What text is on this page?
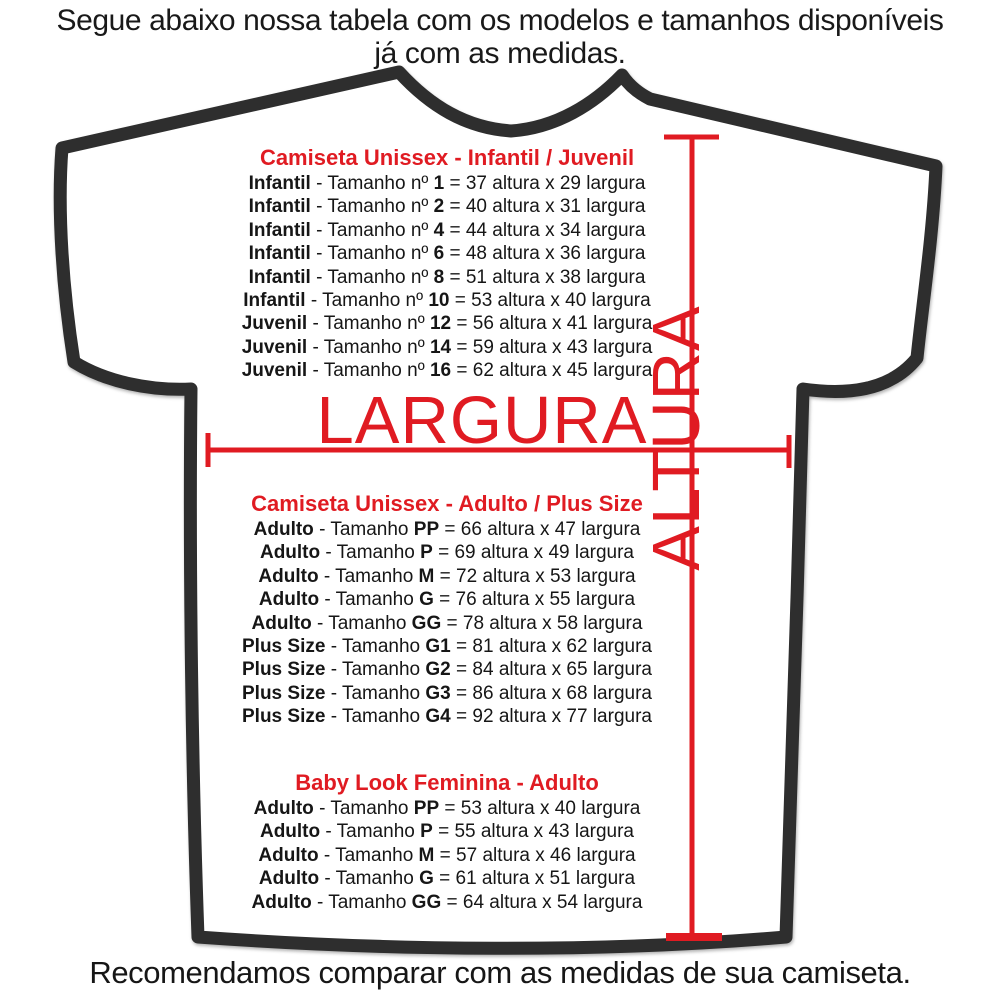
Segue abaixo nossa tabela com os modelos e tamanhos disponíveis
já com as medidas.
LARGURA
ALTURA
Camiseta Unissex - Infantil / Juvenil
Infantil - Tamanho nº 1 = 37 altura x 29 largura
Infantil - Tamanho nº 2 = 40 altura x 31 largura
Infantil - Tamanho nº 4 = 44 altura x 34 largura
Infantil - Tamanho nº 6 = 48 altura x 36 largura
Infantil - Tamanho nº 8 = 51 altura x 38 largura
Infantil - Tamanho nº 10 = 53 altura x 40 largura
Juvenil - Tamanho nº 12 = 56 altura x 41 largura
Juvenil - Tamanho nº 14 = 59 altura x 43 largura
Juvenil - Tamanho nº 16 = 62 altura x 45 largura
Camiseta Unissex - Adulto / Plus Size
Adulto - Tamanho PP = 66 altura x 47 largura
Adulto - Tamanho P = 69 altura x 49 largura
Adulto - Tamanho M = 72 altura x 53 largura
Adulto - Tamanho G = 76 altura x 55 largura
Adulto - Tamanho GG = 78 altura x 58 largura
Plus Size - Tamanho G1 = 81 altura x 62 largura
Plus Size - Tamanho G2 = 84 altura x 65 largura
Plus Size - Tamanho G3 = 86 altura x 68 largura
Plus Size - Tamanho G4 = 92 altura x 77 largura
Baby Look Feminina - Adulto
Adulto - Tamanho PP = 53 altura x 40 largura
Adulto - Tamanho P = 55 altura x 43 largura
Adulto - Tamanho M = 57 altura x 46 largura
Adulto - Tamanho G = 61 altura x 51 largura
Adulto - Tamanho GG = 64 altura x 54 largura
Recomendamos comparar com as medidas de sua camiseta.
